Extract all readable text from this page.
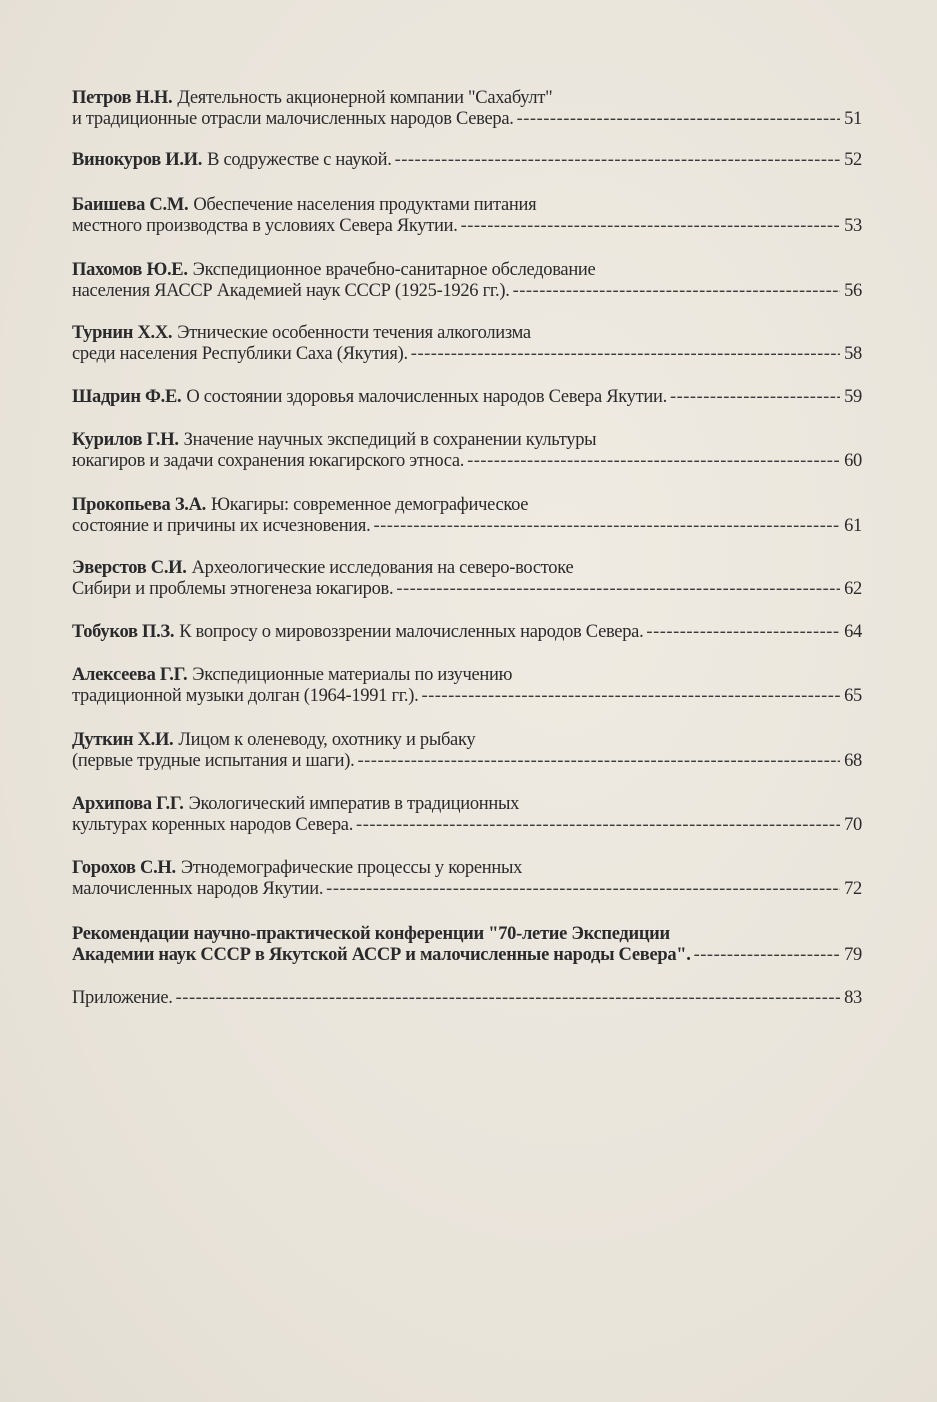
Петров Н.Н. Деятельность акционерной компании "Сахабулт"
и традиционные отрасли малочисленных народов Севера. -----	51
Винокуров И.И. В содружестве с наукой. -----	52
Баишева С.М. Обеспечение населения продуктами питания
местного производства в условиях Севера Якутии. -----	53
Пахомов Ю.Е. Экспедиционное врачебно-санитарное обследование
населения ЯАССР Академией наук СССР (1925-1926 гг.). -----	56
Турнин Х.Х. Этнические особенности течения алкоголизма
среди населения Республики Саха (Якутия). -----	58
Шадрин Ф.Е. О состоянии здоровья малочисленных народов Севера Якутии. -----	59
Курилов Г.Н. Значение научных экспедиций в сохранении культуры
юкагиров и задачи сохранения юкагирского этноса. -----	60
Прокопьева З.А. Юкагиры: современное демографическое
состояние и причины их исчезновения. -----	61
Эверстов С.И. Археологические исследования на северо-востоке
Сибири и проблемы этногенеза юкагиров. -----	62
Тобуков П.З. К вопросу о мировоззрении малочисленных народов Севера. -----	64
Алексеева Г.Г. Экспедиционные материалы по изучению
традиционной музыки долган (1964-1991 гг.). -----	65
Дуткин Х.И. Лицом к оленеводу, охотнику и рыбаку
(первые трудные испытания и шаги). -----	68
Архипова Г.Г. Экологический императив в традиционных
культурах коренных народов Севера. -----	70
Горохов С.Н. Этнодемографические процессы у коренных
малочисленных народов Якутии. -----	72
Рекомендации научно-практической конференции "70-летие Экспедиции
Академии наук СССР в Якутской АССР и малочисленные народы Севера". -----	79
Приложение. -----	83
